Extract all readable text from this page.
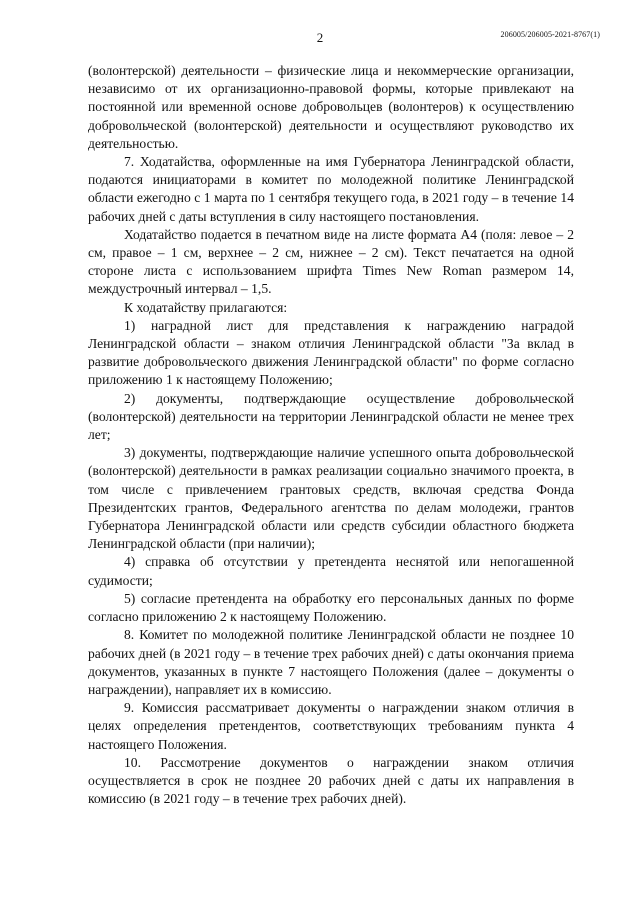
2	206005/206005-2021-8767(1)

(волонтерской) деятельности – физические лица и некоммерческие организации, независимо от их организационно-правовой формы, которые привлекают на постоянной или временной основе добровольцев (волонтеров) к осуществлению добровольческой (волонтерской) деятельности и осуществляют руководство их деятельностью.

7. Ходатайства, оформленные на имя Губернатора Ленинградской области, подаются инициаторами в комитет по молодежной политике Ленинградской области ежегодно с 1 марта по 1 сентября текущего года, в 2021 году – в течение 14 рабочих дней с даты вступления в силу настоящего постановления.

Ходатайство подается в печатном виде на листе формата А4 (поля: левое – 2 см, правое – 1 см, верхнее – 2 см, нижнее – 2 см). Текст печатается на одной стороне листа с использованием шрифта Times New Roman размером 14, междустрочный интервал – 1,5.

К ходатайству прилагаются:

1) наградной лист для представления к награждению наградой Ленинградской области – знаком отличия Ленинградской области "За вклад в развитие добровольческого движения Ленинградской области" по форме согласно приложению 1 к настоящему Положению;

2) документы, подтверждающие осуществление добровольческой (волонтерской) деятельности на территории Ленинградской области не менее трех лет;

3) документы, подтверждающие наличие успешного опыта добровольческой (волонтерской) деятельности в рамках реализации социально значимого проекта, в том числе с привлечением грантовых средств, включая средства Фонда Президентских грантов, Федерального агентства по делам молодежи, грантов Губернатора Ленинградской области или средств субсидии областного бюджета Ленинградской области (при наличии);

4) справка об отсутствии у претендента неснятой или непогашенной судимости;

5) согласие претендента на обработку его персональных данных по форме согласно приложению 2 к настоящему Положению.

8. Комитет по молодежной политике Ленинградской области не позднее 10 рабочих дней (в 2021 году – в течение трех рабочих дней) с даты окончания приема документов, указанных в пункте 7 настоящего Положения (далее – документы о награждении), направляет их в комиссию.

9. Комиссия рассматривает документы о награждении знаком отличия в целях определения претендентов, соответствующих требованиям пункта 4 настоящего Положения.

10. Рассмотрение документов о награждении знаком отличия осуществляется в срок не позднее 20 рабочих дней с даты их направления в комиссию (в 2021 году – в течение трех рабочих дней).
